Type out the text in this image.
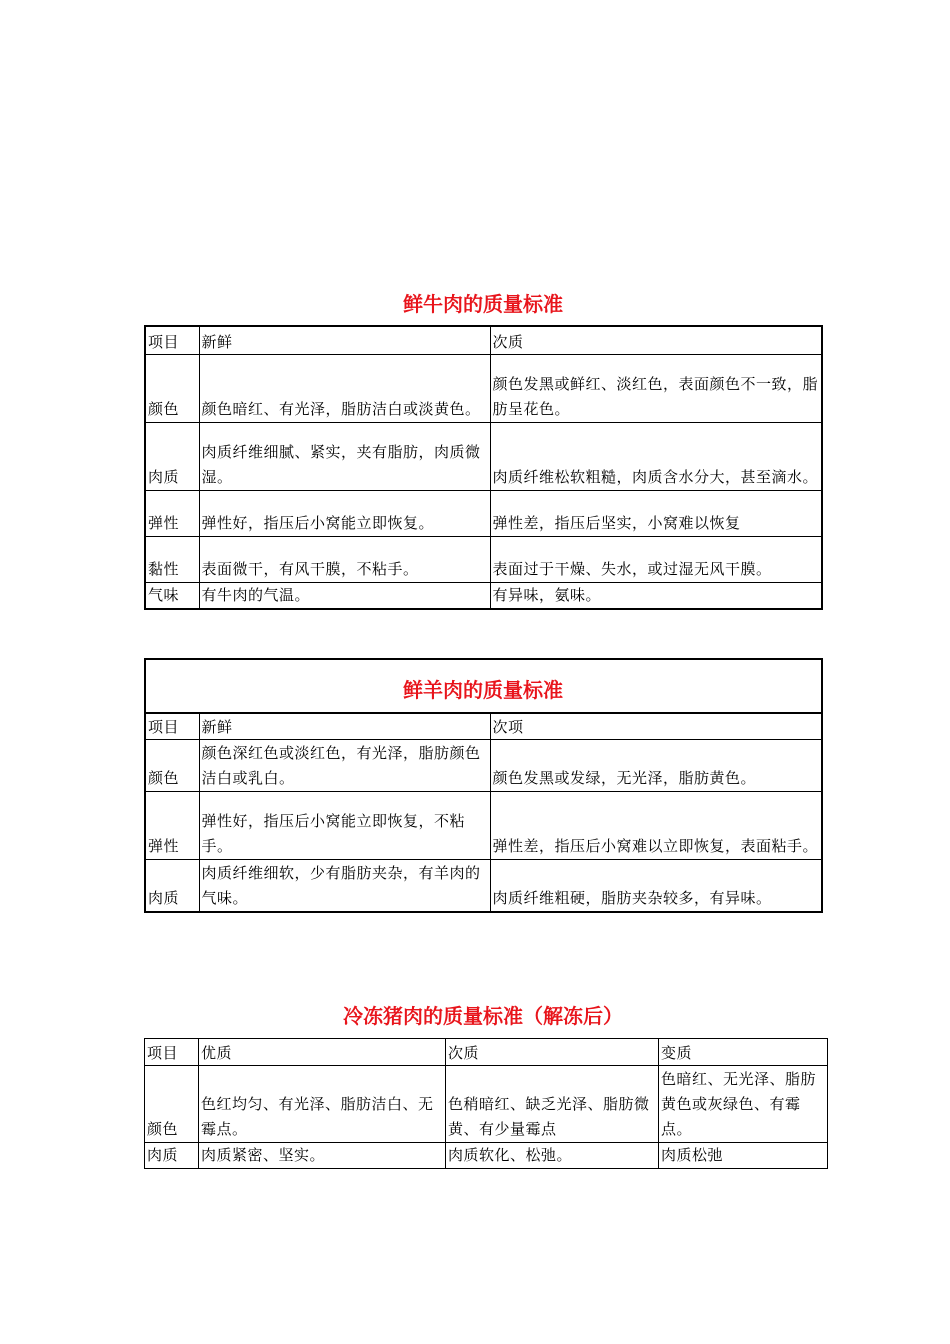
鲜牛肉的质量标准
项目	新鲜	次质
颜色	颜色暗红、有光泽，脂肪洁白或淡黄色。	颜色发黑或鲜红、淡红色，表面颜色不一致，脂肪呈花色。
肉质	肉质纤维细腻、紧实，夹有脂肪，肉质微湿。	肉质纤维松软粗糙，肉质含水分大，甚至滴水。
弹性	弹性好，指压后小窝能立即恢复。	弹性差，指压后坚实，小窝难以恢复
黏性	表面微干，有风干膜，不粘手。	表面过于干燥、失水，或过湿无风干膜。
气味	有牛肉的气温。	有异味，氨味。
鲜羊肉的质量标准
项目	新鲜	次项
颜色	颜色深红色或淡红色，有光泽，脂肪颜色洁白或乳白。	颜色发黑或发绿，无光泽，脂肪黄色。
弹性	弹性好，指压后小窝能立即恢复，不粘手。	弹性差，指压后小窝难以立即恢复，表面粘手。
肉质	肉质纤维细软，少有脂肪夹杂，有羊肉的气味。	肉质纤维粗硬，脂肪夹杂较多，有异味。
冷冻猪肉的质量标准（解冻后）
项目	优质	次质	变质
颜色	色红均匀、有光泽、脂肪洁白、无霉点。	色稍暗红、缺乏光泽、脂肪微黄、有少量霉点	色暗红、无光泽、脂肪黄色或灰绿色、有霉点。
肉质	肉质紧密、坚实。	肉质软化、松弛。	肉质松弛
